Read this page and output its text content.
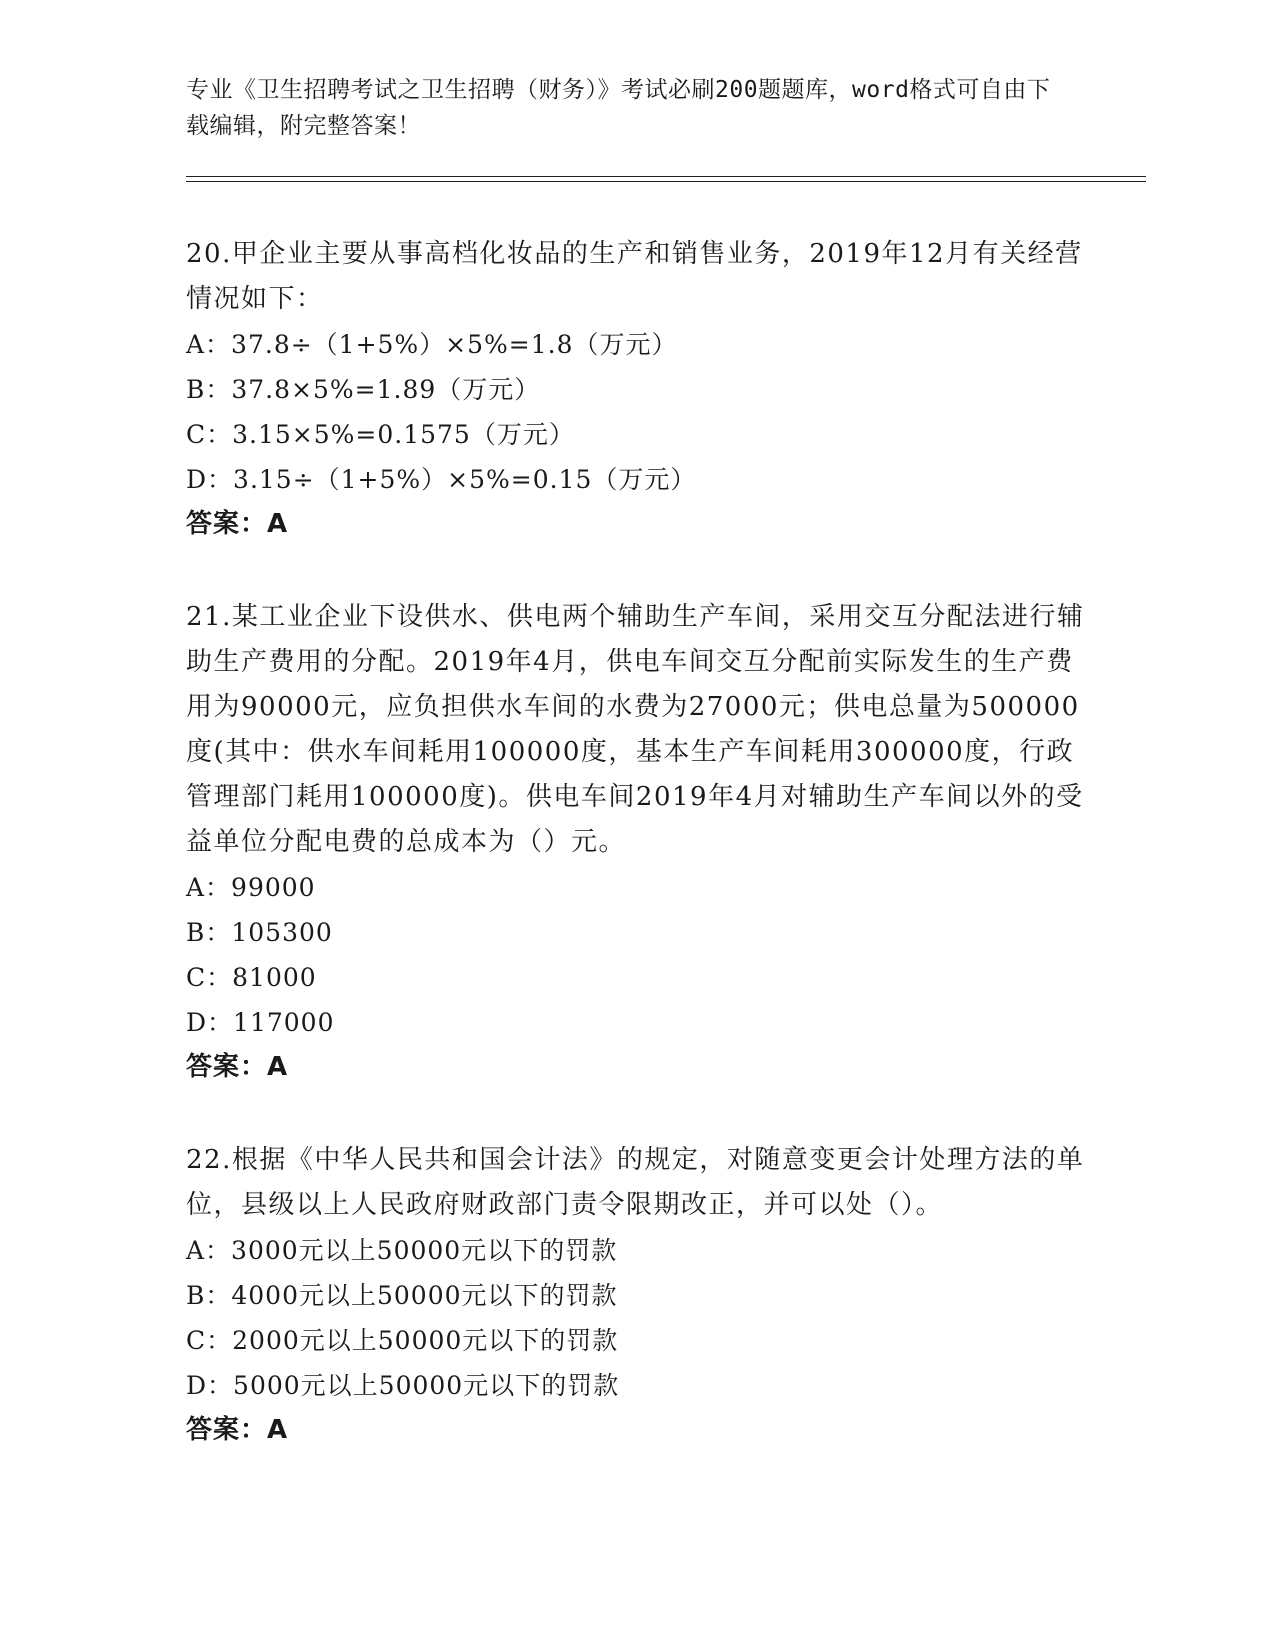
专业《卫生招聘考试之卫生招聘（财务）》考试必刷200题题库，word格式可自由下载编辑，附完整答案！
20.甲企业主要从事高档化妆品的生产和销售业务，2019年12月有关经营情况如下：
A：37.8÷（1+5%）×5%=1.8（万元）
B：37.8×5%=1.89（万元）
C：3.15×5%=0.1575（万元）
D：3.15÷（1+5%）×5%=0.15（万元）
答案：A
21.某工业企业下设供水、供电两个辅助生产车间，采用交互分配法进行辅助生产费用的分配。2019年4月，供电车间交互分配前实际发生的生产费用为90000元，应负担供水车间的水费为27000元；供电总量为500000度(其中：供水车间耗用100000度，基本生产车间耗用300000度，行政管理部门耗用100000度)。供电车间2019年4月对辅助生产车间以外的受益单位分配电费的总成本为（）元。
A：99000
B：105300
C：81000
D：117000
答案：A
22.根据《中华人民共和国会计法》的规定，对随意变更会计处理方法的单位，县级以上人民政府财政部门责令限期改正，并可以处（）。
A：3000元以上50000元以下的罚款
B：4000元以上50000元以下的罚款
C：2000元以上50000元以下的罚款
D：5000元以上50000元以下的罚款
答案：A
